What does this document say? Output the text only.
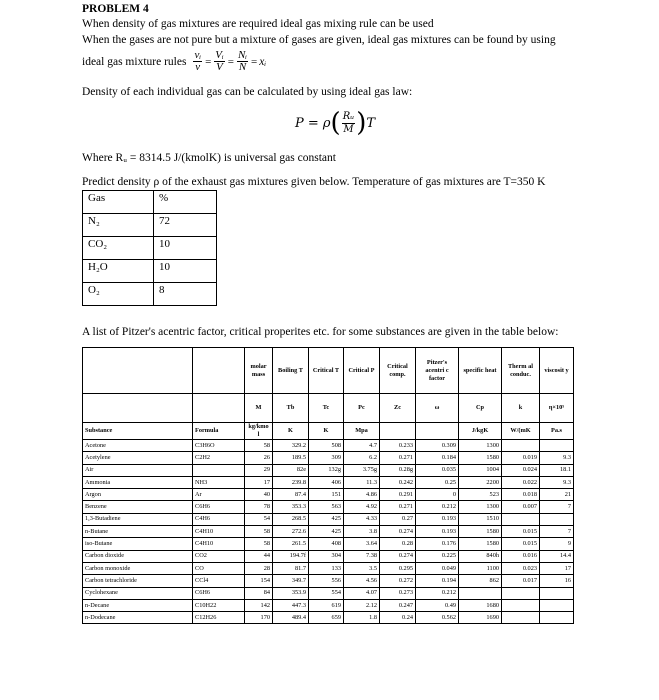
PROBLEM 4
When density of gas mixtures are required ideal gas mixing rule can be used
When the gases are not pure but a mixture of gases are given, ideal gas mixtures can be found by using
ideal gas mixture rules $\frac{\text{vᵢ}}{v} = \frac{\text{Vᵢ}}{V} = \frac{\text{Nᵢ}}{N}$ = xᵢ
Density of each individual gas can be calculated by using ideal gas law:
P = ρ ( $\frac{\text{Rᵤ}}{M}$ ) T
Where Rᵤ = 8314.5 J/(kmolK) is universal gas constant
Predict density ρ of the exhaust gas mixtures given below. Temperature of gas mixtures are T=350 K
Gas	%
N₂	72
CO₂	10
H₂O	10
O₂	8
A list of Pitzer's acentric factor, critical properites etc. for some substances are given in the table below:
		molar mass	Boiling T	Critical T	Critical P	Critical comp.	Pitzer's acentri c factor	specific heat	Therm al conduc.	viscosit y
		M	Tb	Tc	Pc	Zc	ω	Cp	k	η×10⁵
Substance	Formula	kg/kmo l	K	K	Mpa			J/kgK	W/(mK	Pa.s
Acetone	C3H6O	58	329.2	508	4.7	0.233	0.309	1300		
Acetylene	C2H2	26	189.5	309	6.2	0.271	0.184	1580	0.019	9.3
Air		29	82e	132g	3.75g	0.28g	0.035	1004	0.024	18.1
Ammonia	NH3	17	239.8	406	11.3	0.242	0.25	2200	0.022	9.3
Argon	Ar	40	87.4	151	4.86	0.291	0	523	0.018	21
Benzene	C6H6	78	353.3	563	4.92	0.271	0.212	1300	0.007	7
1,3-Butadiene	C4H6	54	268.5	425	4.33	0.27	0.193	1510		
n-Butane	C4H10	58	272.6	425	3.8	0.274	0.193	1580	0.015	7
iso-Butane	C4H10	58	261.5	408	3.64	0.28	0.176	1580	0.015	9
Carbon dioxide	CO2	44	194.7f	304	7.38	0.274	0.225	840h	0.016	14.4
Carbon monoxide	CO	28	81.7	133	3.5	0.295	0.049	1100	0.023	17
Carbon tetrachloride	CCl4	154	349.7	556	4.56	0.272	0.194	862	0.017	16
Cyclohexane	C6H6	84	353.9	554	4.07	0.273	0.212			
n-Decane	C10H22	142	447.3	619	2.12	0.247	0.49	1680		
n-Dodecane	C12H26	170	489.4	659	1.8	0.24	0.562	1690		
